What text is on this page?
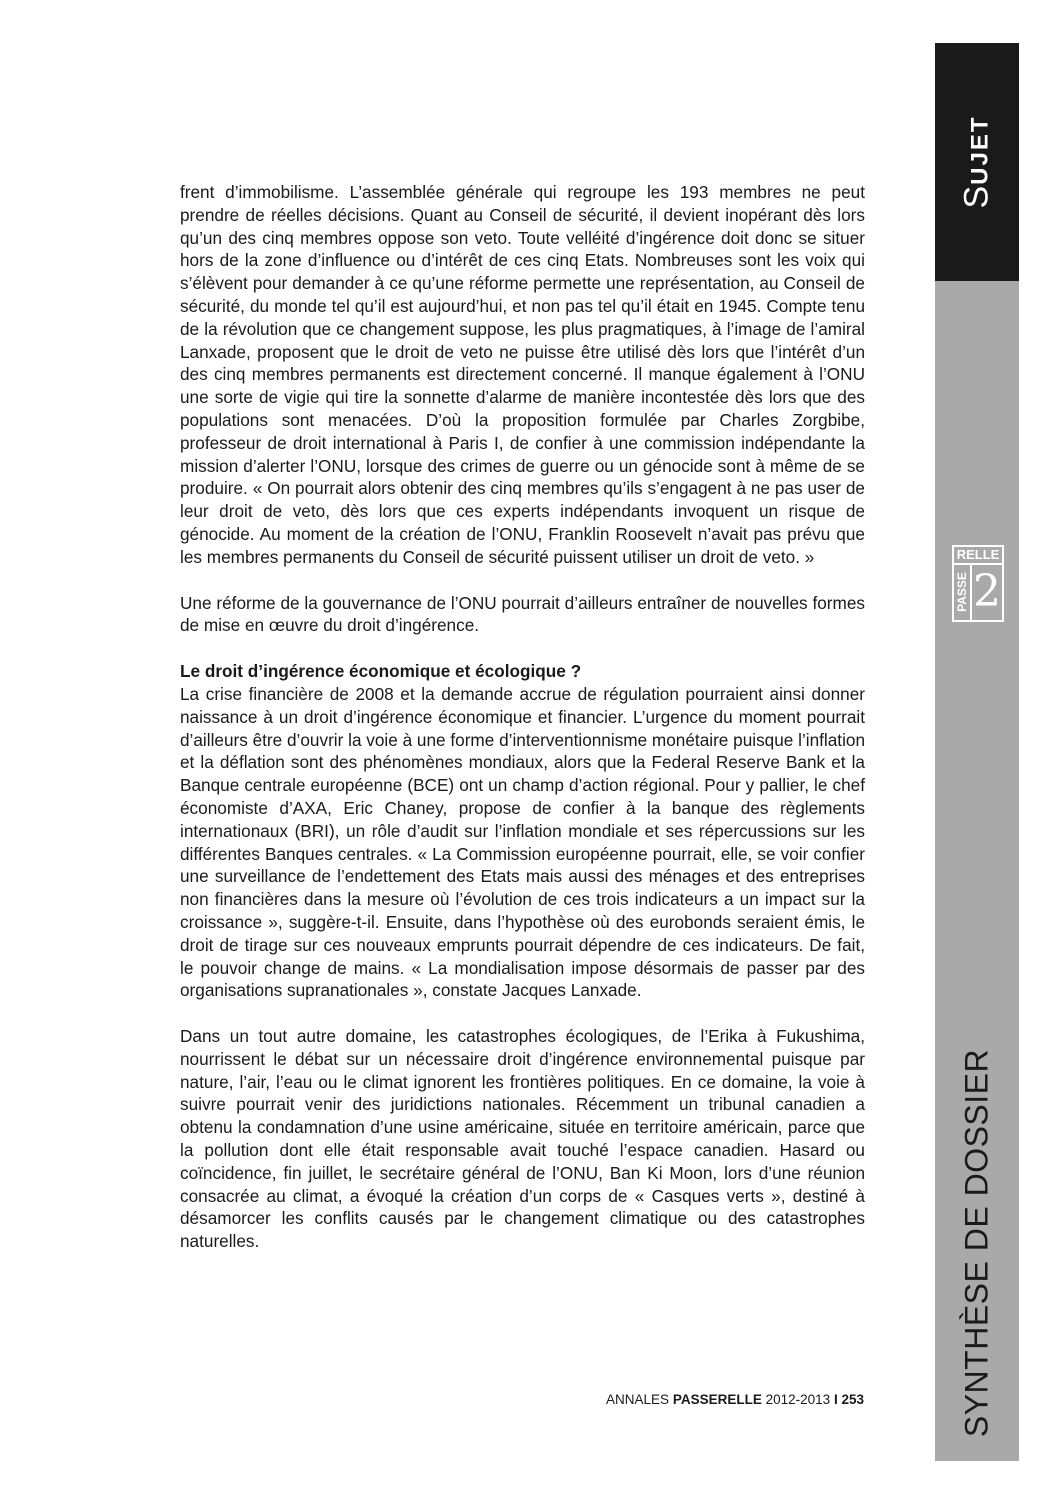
SUJET
SYNTHÈSE DE DOSSIER
RELLE
PASSE 2

frent d’immobilisme. L’assemblée générale qui regroupe les 193 membres ne peut prendre de réelles décisions. Quant au Conseil de sécurité, il devient inopérant dès lors qu’un des cinq membres oppose son veto. Toute velléité d’ingérence doit donc se situer hors de la zone d’influence ou d’intérêt de ces cinq Etats. Nombreuses sont les voix qui s’élèvent pour demander à ce qu’une réforme permette une représentation, au Conseil de sécurité, du monde tel qu’il est aujourd’hui, et non pas tel qu’il était en 1945. Compte tenu de la révolution que ce changement suppose, les plus pragmatiques, à l’image de l’amiral Lanxade, proposent que le droit de veto ne puisse être utilisé dès lors que l’intérêt d’un des cinq membres permanents est directement concerné. Il manque également à l’ONU une sorte de vigie qui tire la sonnette d’alarme de manière incontestée dès lors que des populations sont menacées. D’où la proposition formulée par Charles Zorgbibe, professeur de droit international à Paris I, de confier à une commission indépendante la mission d’alerter l’ONU, lorsque des crimes de guerre ou un génocide sont à même de se produire. « On pourrait alors obtenir des cinq membres qu’ils s’engagent à ne pas user de leur droit de veto, dès lors que ces experts indépendants invoquent un risque de génocide. Au moment de la création de l’ONU, Franklin Roosevelt n’avait pas prévu que les membres permanents du Conseil de sécurité puissent utiliser un droit de veto. »

Une réforme de la gouvernance de l’ONU pourrait d’ailleurs entraîner de nouvelles formes de mise en œuvre du droit d’ingérence.

Le droit d’ingérence économique et écologique ?

La crise financière de 2008 et la demande accrue de régulation pourraient ainsi donner naissance à un droit d’ingérence économique et financier. L’urgence du moment pourrait d’ailleurs être d’ouvrir la voie à une forme d’interventionnisme monétaire puisque l’inflation et la déflation sont des phénomènes mondiaux, alors que la Federal Reserve Bank et la Banque centrale européenne (BCE) ont un champ d’action régional. Pour y pallier, le chef économiste d’AXA, Eric Chaney, propose de confier à la banque des règlements internationaux (BRI), un rôle d’audit sur l’inflation mondiale et ses répercussions sur les différentes Banques centrales. « La Commission européenne pourrait, elle, se voir confier une surveillance de l’endettement des Etats mais aussi des ménages et des entreprises non financières dans la mesure où l’évolution de ces trois indicateurs a un impact sur la croissance », suggère-t-il. Ensuite, dans l’hypothèse où des eurobonds seraient émis, le droit de tirage sur ces nouveaux emprunts pourrait dépendre de ces indicateurs. De fait, le pouvoir change de mains. « La mondialisation impose désormais de passer par des organisations supranationales », constate Jacques Lanxade.

Dans un tout autre domaine, les catastrophes écologiques, de l’Erika à Fukushima, nourrissent le débat sur un nécessaire droit d’ingérence environnemental puisque par nature, l’air, l’eau ou le climat ignorent les frontières politiques. En ce domaine, la voie à suivre pourrait venir des juridictions nationales. Récemment un tribunal canadien a obtenu la condamnation d’une usine américaine, située en territoire américain, parce que la pollution dont elle était responsable avait touché l’espace canadien. Hasard ou coïncidence, fin juillet, le secrétaire général de l’ONU, Ban Ki Moon, lors d’une réunion consacrée au climat, a évoqué la création d’un corps de « Casques verts », destiné à désamorcer les conflits causés par le changement climatique ou des catastrophes naturelles.

ANNALES PASSERELLE 2012-2013 I 253
